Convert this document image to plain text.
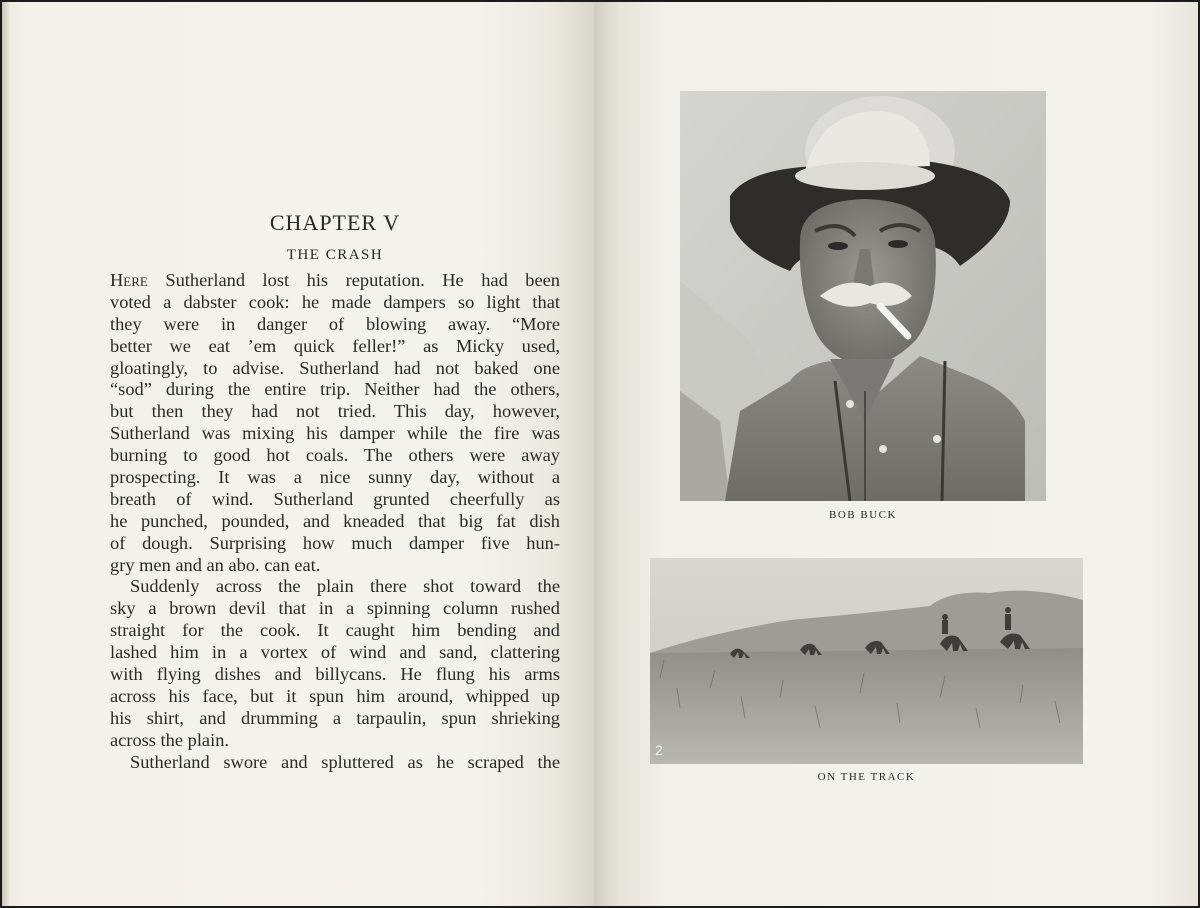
CHAPTER V
THE CRASH
Here Sutherland lost his reputation. He had been
voted a dabster cook: he made dampers so light that
they were in danger of blowing away. “More
better we eat ’em quick feller!” as Micky used,
gloatingly, to advise. Sutherland had not baked one
“sod” during the entire trip. Neither had the others,
but then they had not tried. This day, however,
Sutherland was mixing his damper while the fire was
burning to good hot coals. The others were away
prospecting. It was a nice sunny day, without a
breath of wind. Sutherland grunted cheerfully as
he punched, pounded, and kneaded that big fat dish
of dough. Surprising how much damper five hun-
gry men and an abo. can eat.
Suddenly across the plain there shot toward the
sky a brown devil that in a spinning column rushed
straight for the cook. It caught him bending and
lashed him in a vortex of wind and sand, clattering
with flying dishes and billycans. He flung his arms
across his face, but it spun him around, whipped up
his shirt, and drumming a tarpaulin, spun shrieking
across the plain.
Sutherland swore and spluttered as he scraped the
BOB BUCK
2
ON THE TRACK
